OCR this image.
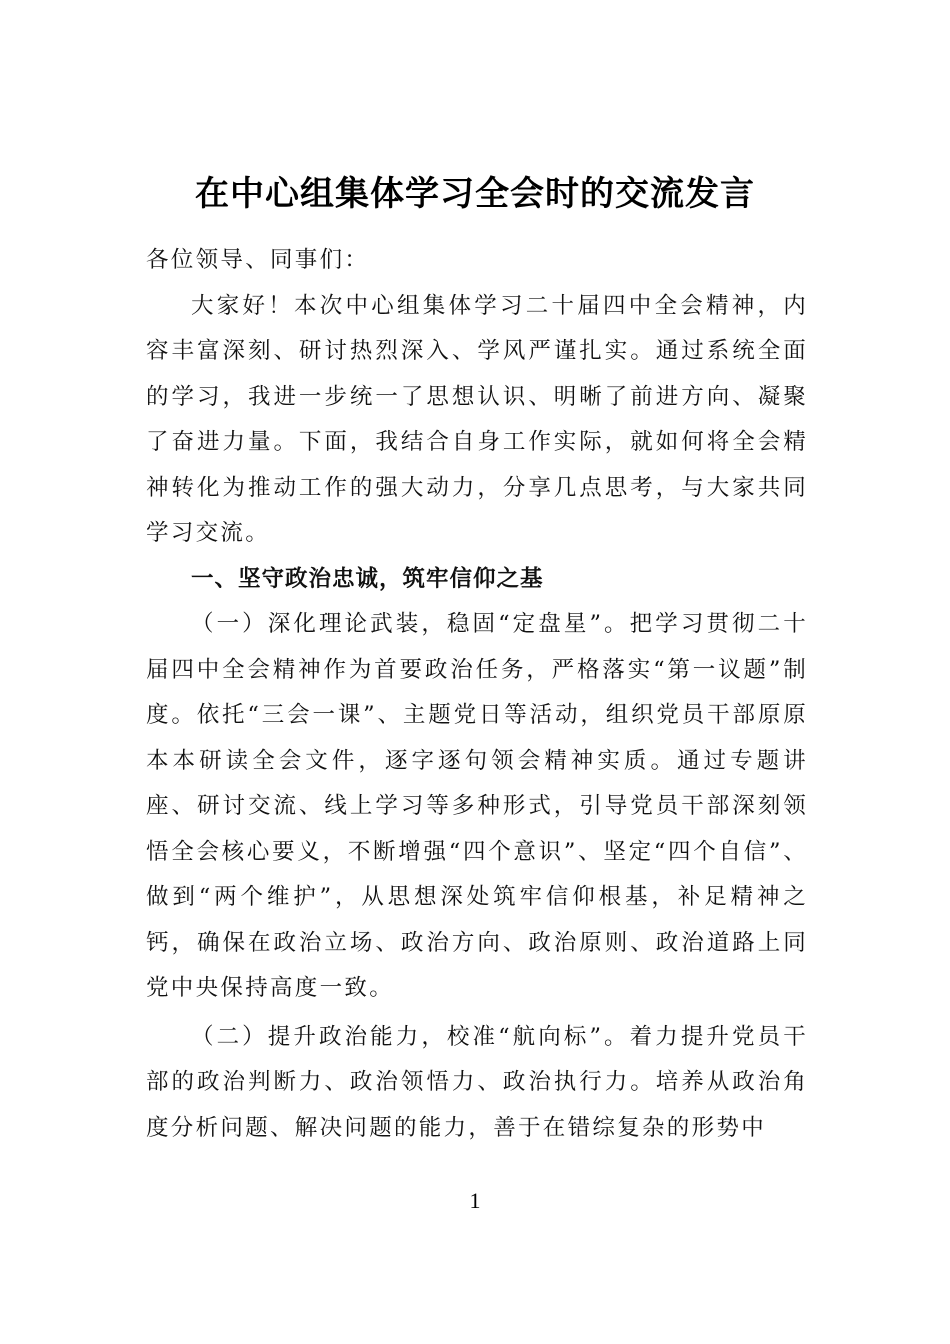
在中心组集体学习全会时的交流发言

各位领导、同事们：

大家好！本次中心组集体学习二十届四中全会精神，内容丰富深刻、研讨热烈深入、学风严谨扎实。通过系统全面的学习，我进一步统一了思想认识、明晰了前进方向、凝聚了奋进力量。下面，我结合自身工作实际，就如何将全会精神转化为推动工作的强大动力，分享几点思考，与大家共同学习交流。

一、坚守政治忠诚，筑牢信仰之基

（一）深化理论武装，稳固“定盘星”。把学习贯彻二十届四中全会精神作为首要政治任务，严格落实“第一议题”制度。依托“三会一课”、主题党日等活动，组织党员干部原原本本研读全会文件，逐字逐句领会精神实质。通过专题讲座、研讨交流、线上学习等多种形式，引导党员干部深刻领悟全会核心要义，不断增强“四个意识”、坚定“四个自信”、做到“两个维护”，从思想深处筑牢信仰根基，补足精神之钙，确保在政治立场、政治方向、政治原则、政治道路上同党中央保持高度一致。

（二）提升政治能力，校准“航向标”。着力提升党员干部的政治判断力、政治领悟力、政治执行力。培养从政治角度分析问题、解决问题的能力，善于在错综复杂的形势中

1
